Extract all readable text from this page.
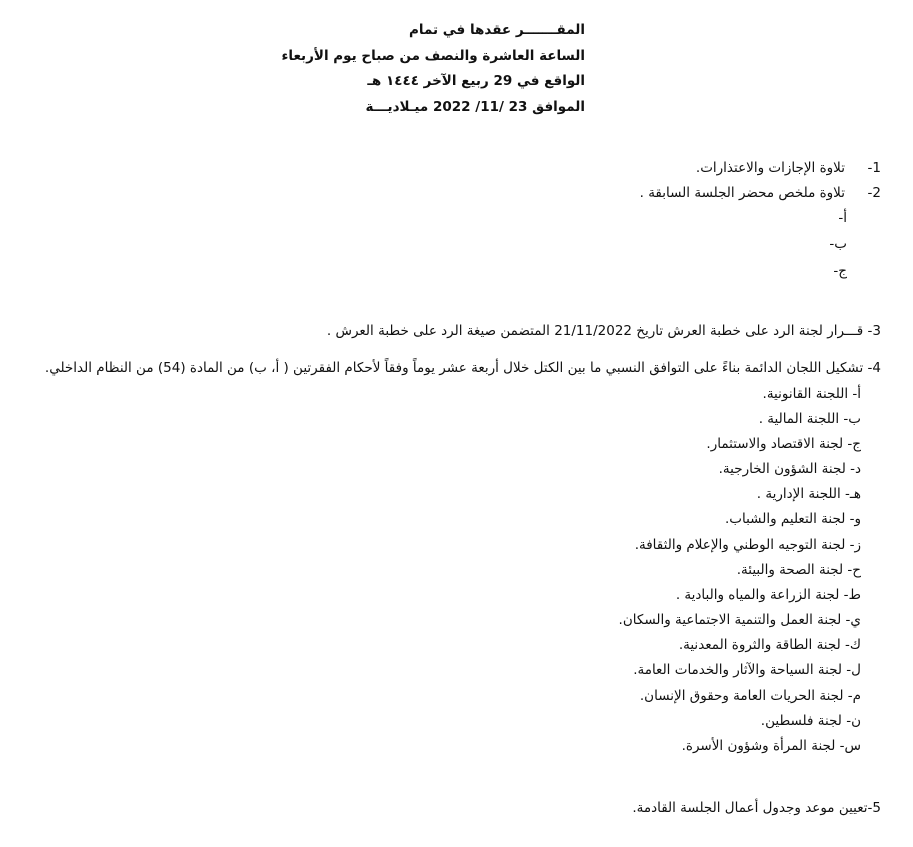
المقـــــــر عقدها في تمام
الساعة العاشرة والنصف من صباح يوم الأربعاء
الواقع في 29 ربيع الآخر ١٤٤٤ هـ
الموافق 23 /11/ 2022 ميـلاديـــة
1-تلاوة الإجازات والاعتذارات.
2-تلاوة ملخص محضر الجلسة السابقة .
أ-
ب-
ج-
3- قـــرار لجنة الرد على خطبة العرش تاريخ 21/11/2022 المتضمن صيغة الرد على خطبة العرش .
4- تشكيل اللجان الدائمة بناءً على التوافق النسبي ما بين الكتل خلال أربعة عشر يوماً وفقاً لأحكام الفقرتين ( أ، ب) من المادة (54) من النظام الداخلي.
أ- اللجنة القانونية.
ب- اللجنة المالية .
ج- لجنة الاقتصاد والاستثمار.
د- لجنة الشؤون الخارجية.
هـ- اللجنة الإدارية .
و- لجنة التعليم والشباب.
ز- لجنة التوجيه الوطني والإعلام والثقافة.
ح- لجنة الصحة والبيئة.
ط- لجنة الزراعة والمياه والبادية .
ي- لجنة العمل والتنمية الاجتماعية والسكان.
ك- لجنة الطاقة والثروة المعدنية.
ل- لجنة السياحة والآثار والخدمات العامة.
م- لجنة الحريات العامة وحقوق الإنسان.
ن- لجنة فلسطين.
س- لجنة المرأة وشؤون الأسرة.
5-تعيين موعد وجدول أعمال الجلسة القادمة.
